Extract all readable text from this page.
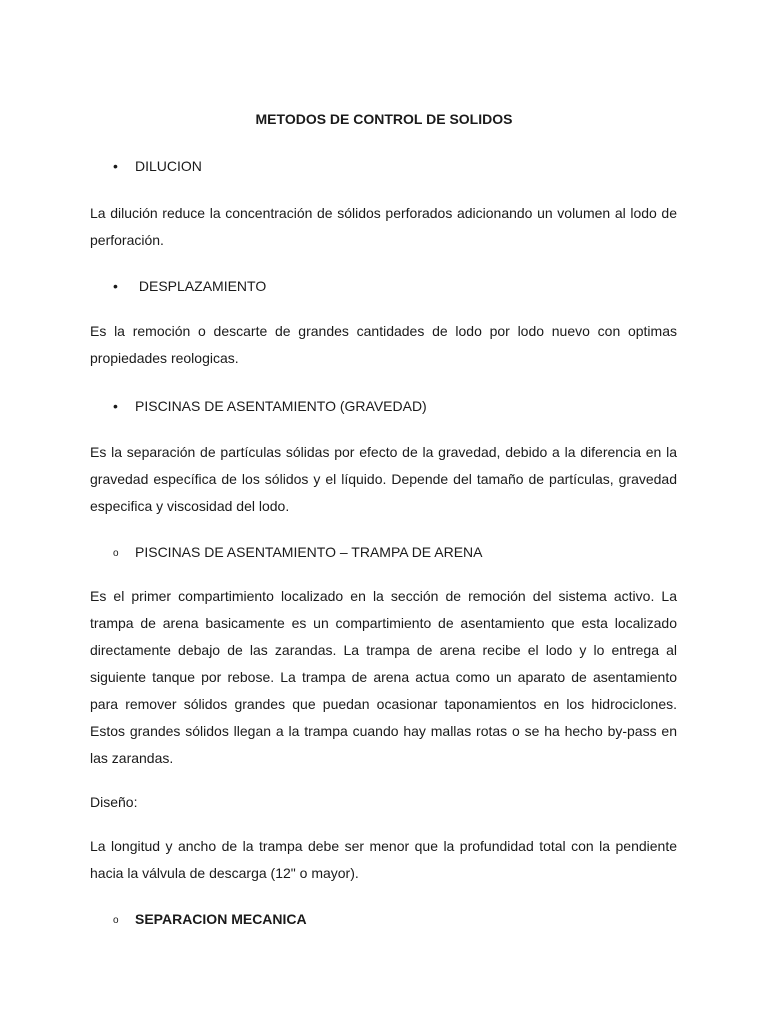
METODOS DE CONTROL DE SOLIDOS
• DILUCION
La dilución reduce la concentración de sólidos perforados adicionando un volumen al lodo de perforación.
• DESPLAZAMIENTO
Es la remoción o descarte de grandes cantidades de lodo por lodo nuevo con optimas propiedades reologicas.
• PISCINAS DE ASENTAMIENTO (GRAVEDAD)
Es la separación de partículas sólidas por efecto de la gravedad, debido a la diferencia en la gravedad específica de los sólidos y el líquido. Depende del tamaño de partículas, gravedad especifica y viscosidad del lodo.
o PISCINAS DE ASENTAMIENTO – TRAMPA DE ARENA
Es el primer compartimiento localizado en la sección de remoción del sistema activo. La trampa de arena basicamente es un compartimiento de asentamiento que esta localizado directamente debajo de las zarandas. La trampa de arena recibe el lodo y lo entrega al siguiente tanque por rebose. La trampa de arena actua como un aparato de asentamiento para remover sólidos grandes que puedan ocasionar taponamientos en los hidrociclones. Estos grandes sólidos llegan a la trampa cuando hay mallas rotas o se ha hecho by-pass en las zarandas.
Diseño:
La longitud y ancho de la trampa debe ser menor que la profundidad total con la pendiente hacia la válvula de descarga (12" o mayor).
o SEPARACION MECANICA
